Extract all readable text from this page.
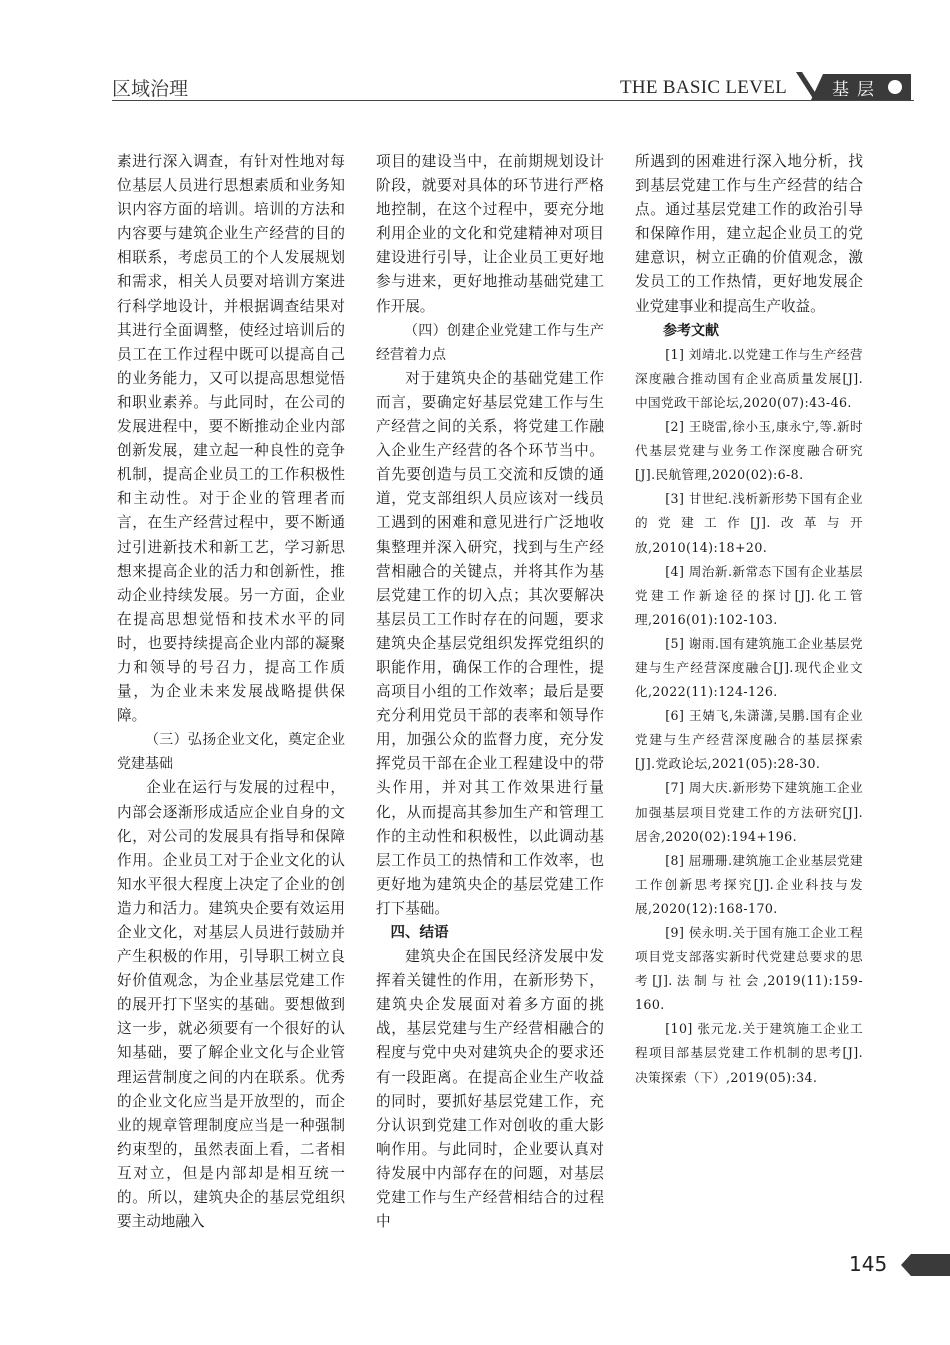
区域治理	THE BASIC LEVEL	基层

素进行深入调查，有针对性地对每位基层人员进行思想素质和业务知识内容方面的培训。培训的方法和内容要与建筑企业生产经营的目的相联系，考虑员工的个人发展规划和需求，相关人员要对培训方案进行科学地设计，并根据调查结果对其进行全面调整，使经过培训后的员工在工作过程中既可以提高自己的业务能力，又可以提高思想觉悟和职业素养。与此同时，在公司的发展进程中，要不断推动企业内部创新发展，建立起一种良性的竞争机制，提高企业员工的工作积极性和主动性。对于企业的管理者而言，在生产经营过程中，要不断通过引进新技术和新工艺，学习新思想来提高企业的活力和创新性，推动企业持续发展。另一方面，企业在提高思想觉悟和技术水平的同时，也要持续提高企业内部的凝聚力和领导的号召力，提高工作质量，为企业未来发展战略提供保障。

（三）弘扬企业文化，奠定企业党建基础

企业在运行与发展的过程中，内部会逐渐形成适应企业自身的文化，对公司的发展具有指导和保障作用。企业员工对于企业文化的认知水平很大程度上决定了企业的创造力和活力。建筑央企要有效运用企业文化，对基层人员进行鼓励并产生积极的作用，引导职工树立良好价值观念，为企业基层党建工作的展开打下坚实的基础。要想做到这一步，就必须要有一个很好的认知基础，要了解企业文化与企业管理运营制度之间的内在联系。优秀的企业文化应当是开放型的，而企业的规章管理制度应当是一种强制约束型的，虽然表面上看，二者相互对立，但是内部却是相互统一的。所以，建筑央企的基层党组织要主动地融入

项目的建设当中，在前期规划设计阶段，就要对具体的环节进行严格地控制，在这个过程中，要充分地利用企业的文化和党建精神对项目建设进行引导，让企业员工更好地参与进来，更好地推动基础党建工作开展。

（四）创建企业党建工作与生产经营着力点

对于建筑央企的基础党建工作而言，要确定好基层党建工作与生产经营之间的关系，将党建工作融入企业生产经营的各个环节当中。首先要创造与员工交流和反馈的通道，党支部组织人员应该对一线员工遇到的困难和意见进行广泛地收集整理并深入研究，找到与生产经营相融合的关键点，并将其作为基层党建工作的切入点；其次要解决基层员工工作时存在的问题，要求建筑央企基层党组织发挥党组织的职能作用，确保工作的合理性，提高项目小组的工作效率；最后是要充分利用党员干部的表率和领导作用，加强公众的监督力度，充分发挥党员干部在企业工程建设中的带头作用，并对其工作效果进行量化，从而提高其参加生产和管理工作的主动性和积极性，以此调动基层工作员工的热情和工作效率，也更好地为建筑央企的基层党建工作打下基础。

四、结语

建筑央企在国民经济发展中发挥着关键性的作用，在新形势下，建筑央企发展面对着多方面的挑战，基层党建与生产经营相融合的程度与党中央对建筑央企的要求还有一段距离。在提高企业生产收益的同时，要抓好基层党建工作，充分认识到党建工作对创收的重大影响作用。与此同时，企业要认真对待发展中内部存在的问题，对基层党建工作与生产经营相结合的过程中

所遇到的困难进行深入地分析，找到基层党建工作与生产经营的结合点。通过基层党建工作的政治引导和保障作用，建立起企业员工的党建意识，树立正确的价值观念，激发员工的工作热情，更好地发展企业党建事业和提高生产收益。

参考文献

[1] 刘靖北.以党建工作与生产经营深度融合推动国有企业高质量发展[J].中国党政干部论坛,2020(07):43-46.

[2] 王晓雷,徐小玉,康永宁,等.新时代基层党建与业务工作深度融合研究[J].民航管理,2020(02):6-8.

[3] 甘世纪.浅析新形势下国有企业的党建工作[J].改革与开放,2010(14):18+20.

[4] 周治新.新常态下国有企业基层党建工作新途径的探讨[J].化工管理,2016(01):102-103.

[5] 谢雨.国有建筑施工企业基层党建与生产经营深度融合[J].现代企业文化,2022(11):124-126.

[6] 王婧飞,朱潇潇,吴鹏.国有企业党建与生产经营深度融合的基层探索[J].党政论坛,2021(05):28-30.

[7] 周大庆.新形势下建筑施工企业加强基层项目党建工作的方法研究[J].居舍,2020(02):194+196.

[8] 屈珊珊.建筑施工企业基层党建工作创新思考探究[J].企业科技与发展,2020(12):168-170.

[9] 侯永明.关于国有施工企业工程项目党支部落实新时代党建总要求的思考[J].法制与社会,2019(11):159-160.

[10] 张元龙.关于建筑施工企业工程项目部基层党建工作机制的思考[J].决策探索（下）,2019(05):34.

145
